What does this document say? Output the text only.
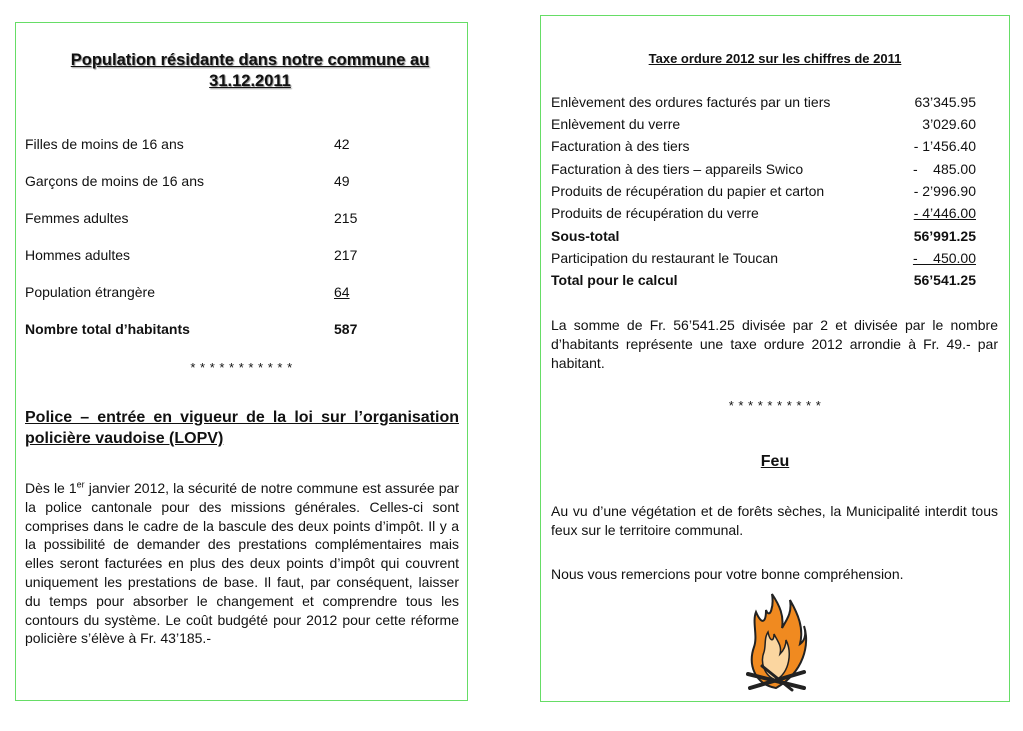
Population résidante dans notre commune au 31.12.2011
Filles de moins de 16 ans	42
Garçons de moins de 16 ans	49
Femmes adultes	215
Hommes adultes	217
Population étrangère	64
Nombre total d’habitants	587
* * * * * * * * * * *
Police – entrée en vigueur de la loi sur l’organisation policière vaudoise (LOPV)
Dès le 1er janvier 2012, la sécurité de notre commune est assurée par la police cantonale pour des missions générales. Celles-ci sont comprises dans le cadre de la bascule des deux points d’impôt. Il y a la possibilité de demander des prestations complémentaires mais elles seront facturées en plus des deux points d’impôt qui couvrent uniquement les prestations de base. Il faut, par conséquent, laisser du temps pour absorber le changement et comprendre tous les contours du système. Le coût budgété pour 2012 pour cette réforme policière s’élève à Fr. 43’185.-
Taxe ordure 2012 sur les chiffres de 2011
Enlèvement des ordures facturés par un tiers	63’345.95
Enlèvement du verre	3’029.60
Facturation à des tiers	- 1’456.40
Facturation à des tiers – appareils Swico	-    485.00
Produits de récupération du papier et carton	- 2’996.90
Produits de récupération du verre	- 4’446.00
Sous-total	56’991.25
Participation du restaurant le Toucan	-    450.00
Total pour le calcul	56’541.25
La somme de Fr. 56’541.25 divisée par 2 et divisée par le nombre d’habitants représente une taxe ordure 2012 arrondie à Fr. 49.- par habitant.
* * * * * * * * * *
Feu
Au vu d’une végétation et de forêts sèches, la Municipalité interdit tous feux sur le territoire communal.
Nous vous remercions pour votre bonne compréhension.
